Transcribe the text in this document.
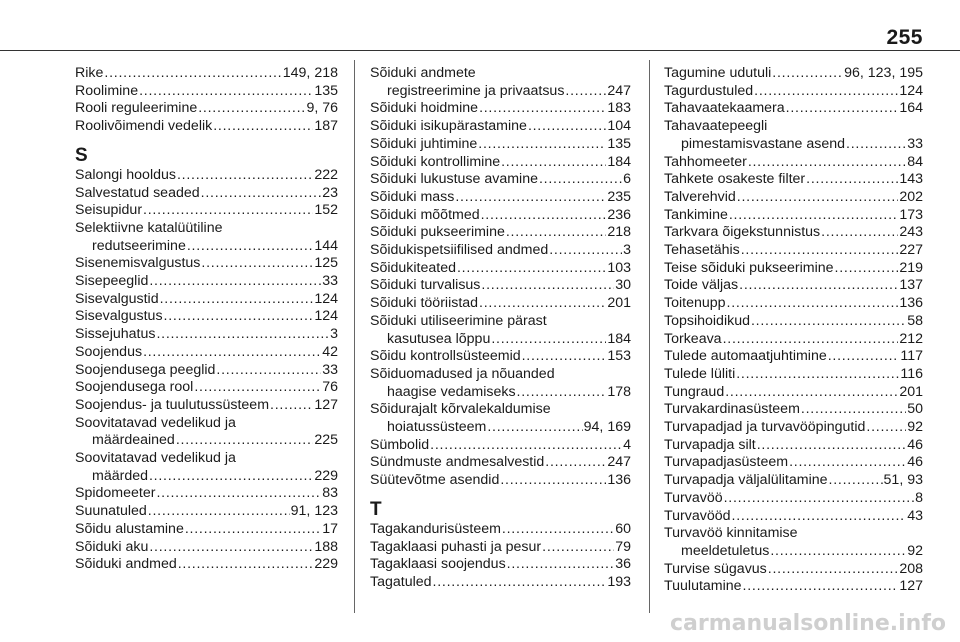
255
Rike . . .	149, 218
Roolimine . . .	135
Rooli reguleerimine . . .	9, 76
Roolivõimendi vedelik . . .	187
S
Salongi hooldus . . .	222
Salvestatud seaded . . .	23
Seisupidur . . .	152
Selektiivne katalüütiline
redutseerimine . . .	144
Sisenemisvalgustus . . .	125
Sisepeeglid . . .	33
Sisevalgustid . . .	124
Sisevalgustus . . .	124
Sissejuhatus . . .	3
Soojendus . . .	42
Soojendusega peeglid . . .	33
Soojendusega rool . . .	76
Soojendus- ja tuulutussüsteem . . .	127
Soovitatavad vedelikud ja
määrdeained . . .	225
Soovitatavad vedelikud ja
määrded . . .	229
Spidomeeter . . .	83
Suunatuled . . .	91, 123
Sõidu alustamine . . .	17
Sõiduki aku . . .	188
Sõiduki andmed . . .	229
Sõiduki andmete
registreerimine ja privaatsus . . .	247
Sõiduki hoidmine . . .	183
Sõiduki isikupärastamine . . .	104
Sõiduki juhtimine . . .	135
Sõiduki kontrollimine . . .	184
Sõiduki lukustuse avamine . . .	6
Sõiduki mass . . .	235
Sõiduki mõõtmed . . .	236
Sõiduki pukseerimine . . .	218
Sõidukispetsiifilised andmed . . .	3
Sõidukiteated . . .	103
Sõiduki turvalisus . . .	30
Sõiduki tööriistad . . .	201
Sõiduki utiliseerimine pärast
kasutusea lõppu . . .	184
Sõidu kontrollsüsteemid . . .	153
Sõiduomadused ja nõuanded
haagise vedamiseks . . .	178
Sõidurajalt kõrvalekaldumise
hoiatussüsteem . . .	94, 169
Sümbolid . . .	4
Sündmuste andmesalvestid . . .	247
Süütevõtme asendid . . .	136
T
Tagakandurisüsteem . . .	60
Tagaklaasi puhasti ja pesur . . .	79
Tagaklaasi soojendus . . .	36
Tagatuled . . .	193
Tagumine udutuli . . .	96, 123, 195
Tagurdustuled . . .	124
Tahavaatekaamera . . .	164
Tahavaatepeegli
pimestamisvastane asend . . .	33
Tahhomeeter . . .	84
Tahkete osakeste filter . . .	143
Talverehvid . . .	202
Tankimine . . .	173
Tarkvara õigekstunnistus . . .	243
Tehasetähis . . .	227
Teise sõiduki pukseerimine . . .	219
Toide väljas . . .	137
Toitenupp . . .	136
Topsihoidikud . . .	58
Torkeava . . .	212
Tulede automaatjuhtimine . . .	117
Tulede lüliti . . .	116
Tungraud . . .	201
Turvakardinasüsteem . . .	50
Turvapadjad ja turvavööpingutid . . .	92
Turvapadja silt . . .	46
Turvapadjasüsteem . . .	46
Turvapadja väljalülitamine . . .	51, 93
Turvavöö . . .	8
Turvavööd . . .	43
Turvavöö kinnitamise
meeldetuletus . . .	92
Turvise sügavus . . .	208
Tuulutamine . . .	127
carmanualsonline.info
